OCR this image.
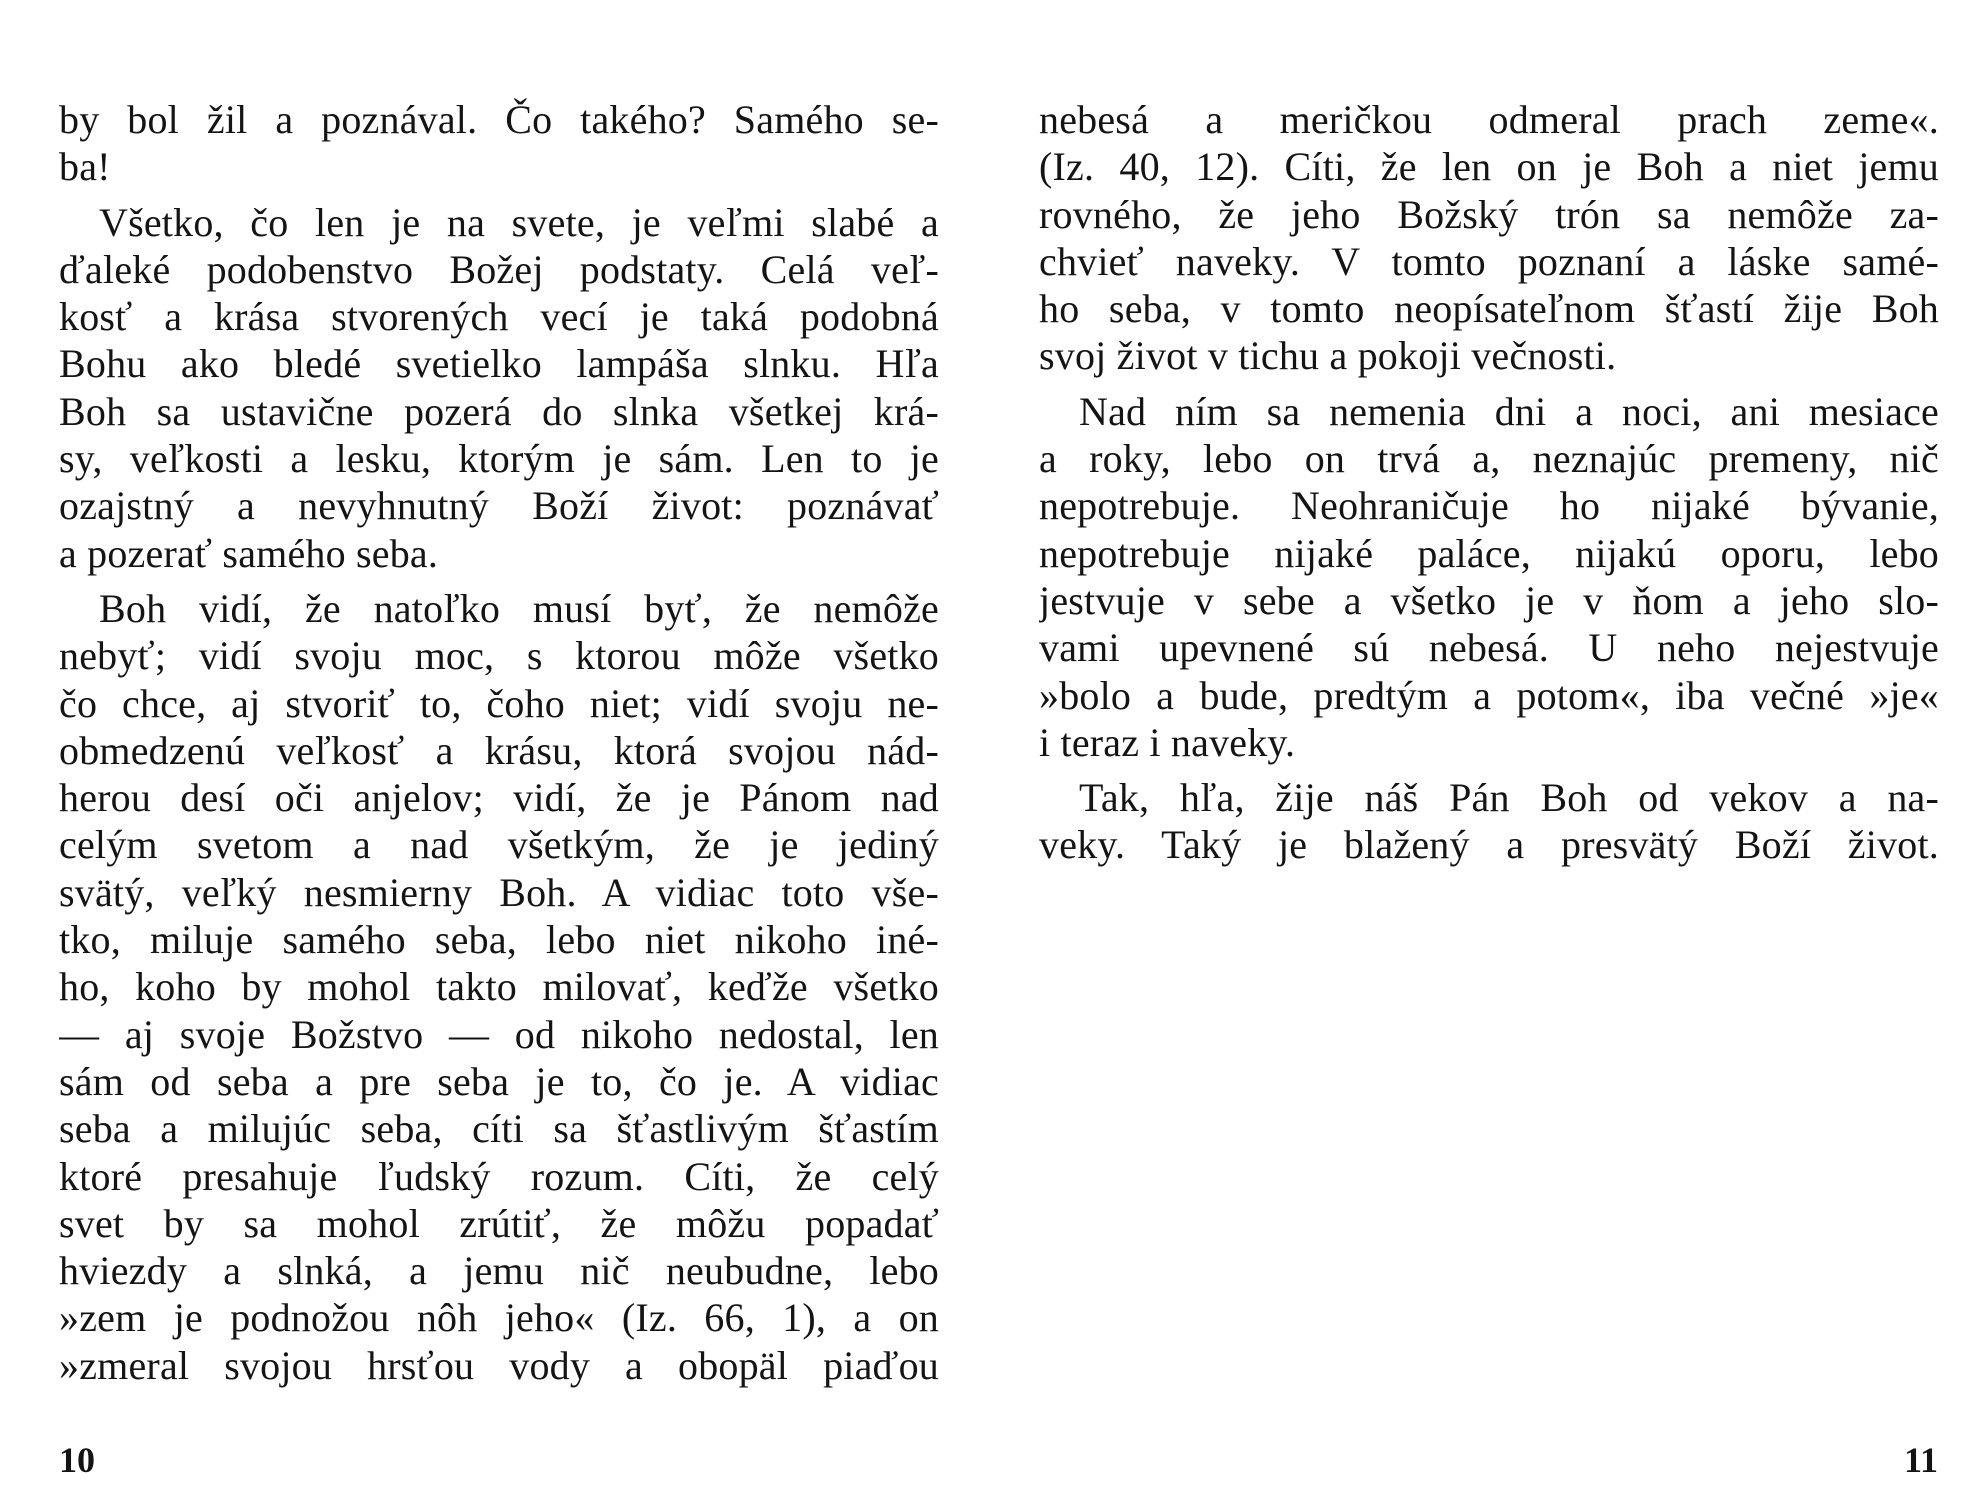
by bol žil a poznával. Čo takého? Samého se-
ba!
Všetko, čo len je na svete, je veľmi slabé a
ďaleké podobenstvo Božej podstaty. Celá veľ-
kosť a krása stvorených vecí je taká podobná
Bohu ako bledé svetielko lampáša slnku. Hľa
Boh sa ustavične pozerá do slnka všetkej krá-
sy, veľkosti a lesku, ktorým je sám. Len to je
ozajstný a nevyhnutný Boží život: poznávať
a pozerať samého seba.
Boh vidí, že natoľko musí byť, že nemôže
nebyť; vidí svoju moc, s ktorou môže všetko
čo chce, aj stvoriť to, čoho niet; vidí svoju ne-
obmedzenú veľkosť a krásu, ktorá svojou nád-
herou desí oči anjelov; vidí, že je Pánom nad
celým svetom a nad všetkým, že je jediný
svätý, veľký nesmierny Boh. A vidiac toto vše-
tko, miluje samého seba, lebo niet nikoho iné-
ho, koho by mohol takto milovať, keďže všetko
— aj svoje Božstvo — od nikoho nedostal, len
sám od seba a pre seba je to, čo je. A vidiac
seba a milujúc seba, cíti sa šťastlivým šťastím
ktoré presahuje ľudský rozum. Cíti, že celý
svet by sa mohol zrútiť, že môžu popadať
hviezdy a slnká, a jemu nič neubudne, lebo
»zem je podnožou nôh jeho« (Iz. 66, 1), a on
»zmeral svojou hrsťou vody a obopäl piaďou
10
nebesá a meričkou odmeral prach zeme«.
(Iz. 40, 12). Cíti, že len on je Boh a niet jemu
rovného, že jeho Božský trón sa nemôže za-
chvieť naveky. V tomto poznaní a láske samé-
ho seba, v tomto neopísateľnom šťastí žije Boh
svoj život v tichu a pokoji večnosti.
Nad ním sa nemenia dni a noci, ani mesiace
a roky, lebo on trvá a, neznajúc premeny, nič
nepotrebuje. Neohraničuje ho nijaké bývanie,
nepotrebuje nijaké paláce, nijakú oporu, lebo
jestvuje v sebe a všetko je v ňom a jeho slo-
vami upevnené sú nebesá. U neho nejestvuje
»bolo a bude, predtým a potom«, iba večné »je«
i teraz i naveky.
Tak, hľa, žije náš Pán Boh od vekov a na-
veky. Taký je blažený a presvätý Boží život.
11
